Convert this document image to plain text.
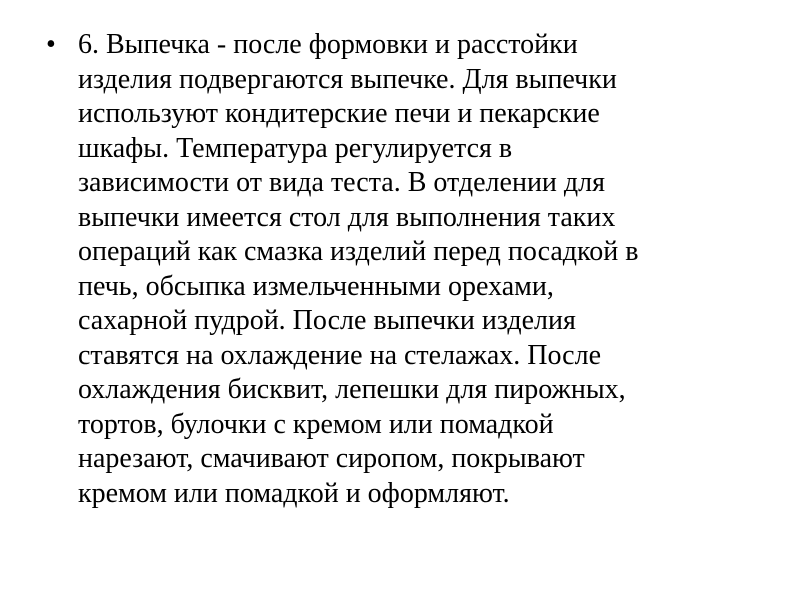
• 6. Выпечка - после формовки и расстойки
изделия подвергаются выпечке. Для выпечки
используют кондитерские печи и пекарские
шкафы. Температура регулируется в
зависимости от вида теста. В отделении для
выпечки имеется стол для выполнения таких
операций как смазка изделий перед посадкой в
печь, обсыпка измельченными орехами,
сахарной пудрой. После выпечки изделия
ставятся на охлаждение на стелажах. После
охлаждения бисквит, лепешки для пирожных,
тортов, булочки с кремом или помадкой
нарезают, смачивают сиропом, покрывают
кремом или помадкой и оформляют.
